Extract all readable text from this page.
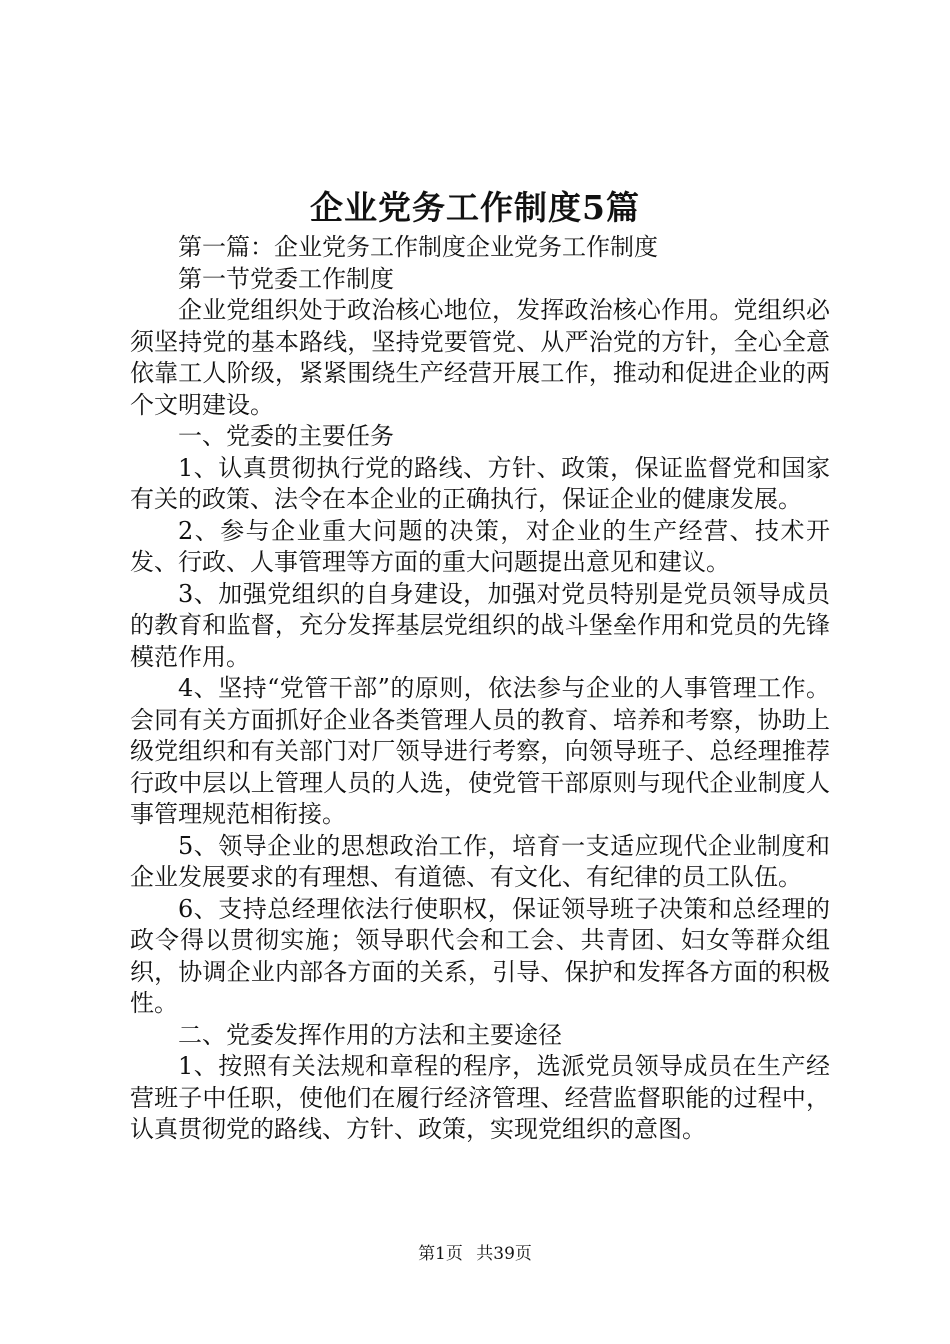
企业党务工作制度5篇

第一篇：企业党务工作制度企业党务工作制度

第一节党委工作制度

企业党组织处于政治核心地位，发挥政治核心作用。党组织必须坚持党的基本路线，坚持党要管党、从严治党的方针，全心全意依靠工人阶级，紧紧围绕生产经营开展工作，推动和促进企业的两个文明建设。

一、党委的主要任务

1、认真贯彻执行党的路线、方针、政策，保证监督党和国家有关的政策、法令在本企业的正确执行，保证企业的健康发展。

2、参与企业重大问题的决策，对企业的生产经营、技术开发、行政、人事管理等方面的重大问题提出意见和建议。

3、加强党组织的自身建设，加强对党员特别是党员领导成员的教育和监督，充分发挥基层党组织的战斗堡垒作用和党员的先锋模范作用。

4、坚持“党管干部”的原则，依法参与企业的人事管理工作。会同有关方面抓好企业各类管理人员的教育、培养和考察，协助上级党组织和有关部门对厂领导进行考察，向领导班子、总经理推荐行政中层以上管理人员的人选，使党管干部原则与现代企业制度人事管理规范相衔接。

5、领导企业的思想政治工作，培育一支适应现代企业制度和企业发展要求的有理想、有道德、有文化、有纪律的员工队伍。

6、支持总经理依法行使职权，保证领导班子决策和总经理的政令得以贯彻实施；领导职代会和工会、共青团、妇女等群众组织，协调企业内部各方面的关系，引导、保护和发挥各方面的积极性。

二、党委发挥作用的方法和主要途径

1、按照有关法规和章程的程序，选派党员领导成员在生产经营班子中任职，使他们在履行经济管理、经营监督职能的过程中，认真贯彻党的路线、方针、政策，实现党组织的意图。

第1页 共39页
